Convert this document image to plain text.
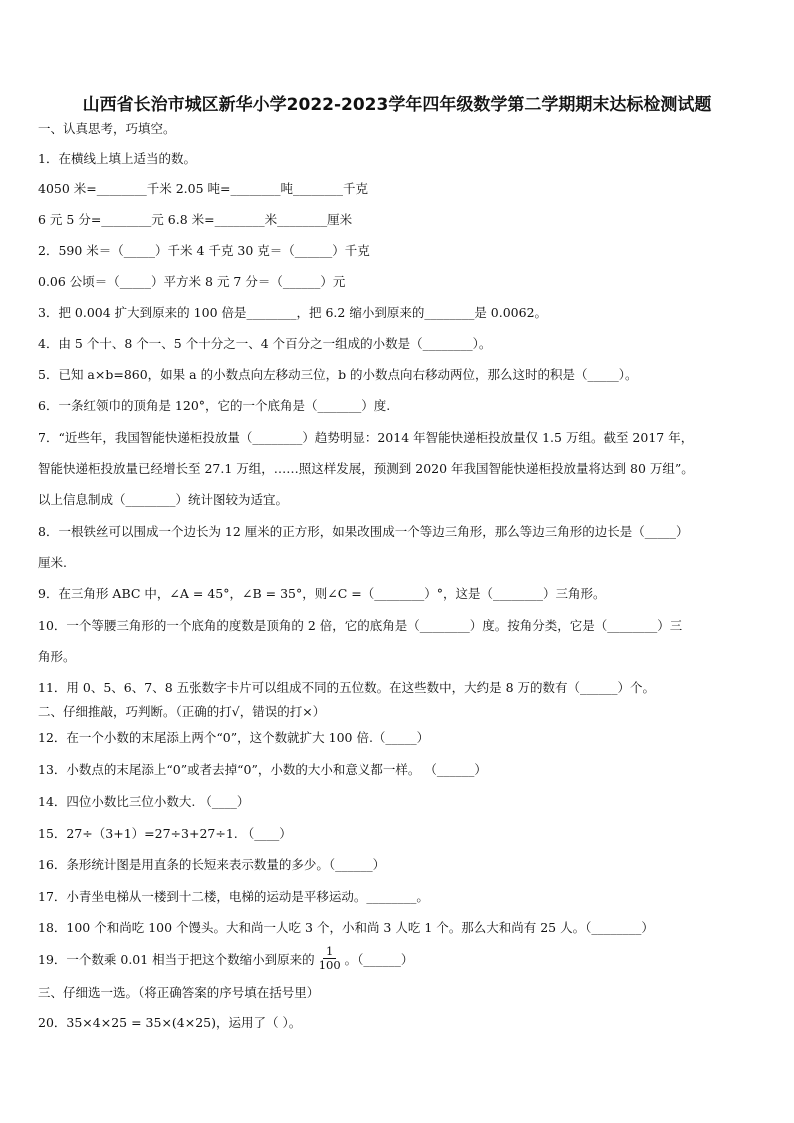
山西省长治市城区新华小学2022-2023学年四年级数学第二学期期末达标检测试题
一、认真思考，巧填空。
1．在横线上填上适当的数。
4050 米=________千米 2.05 吨=________吨________千克
6 元 5 分=________元 6.8 米=________米________厘米
2．590 米＝（_____）千米 4 千克 30 克＝（______）千克
0.06 公顷＝（_____）平方米 8 元 7 分＝（______）元
3．把 0.004 扩大到原来的 100 倍是________，把 6.2 缩小到原来的________是 0.0062。
4．由 5 个十、8 个一、5 个十分之一、4 个百分之一组成的小数是（________）。
5．已知 a×b=860，如果 a 的小数点向左移动三位，b 的小数点向右移动两位，那么这时的积是（_____）。
6．一条红领巾的顶角是 120°，它的一个底角是（_______）度.
7．“近些年，我国智能快递柜投放量（________）趋势明显：2014 年智能快递柜投放量仅 1.5 万组。截至 2017 年，
智能快递柜投放量已经增长至 27.1 万组，……照这样发展，预测到 2020 年我国智能快递柜投放量将达到 80 万组”。
以上信息制成（________）统计图较为适宜。
8．一根铁丝可以围成一个边长为 12 厘米的正方形，如果改围成一个等边三角形，那么等边三角形的边长是（_____）
厘米.
9．在三角形 ABC 中，∠A = 45°，∠B = 35°，则∠C =（________）°，这是（________）三角形。
10．一个等腰三角形的一个底角的度数是顶角的 2 倍，它的底角是（________）度。按角分类，它是（________）三
角形。
11．用 0、5、6、7、8 五张数字卡片可以组成不同的五位数。在这些数中，大约是 8 万的数有（______）个。
二、仔细推敲，巧判断。（正确的打√，错误的打×）
12．在一个小数的末尾添上两个“0”，这个数就扩大 100 倍.（_____）
13．小数点的末尾添上“0”或者去掉“0”，小数的大小和意义都一样。 （______）
14．四位小数比三位小数大. （____）
15．27÷（3+1）=27÷3+27÷1. （____）
16．条形统计图是用直条的长短来表示数量的多少。（______）
17．小青坐电梯从一楼到十二楼，电梯的运动是平移运动。________。
18．100 个和尚吃 100 个馒头。大和尚一人吃 3 个，小和尚 3 人吃 1 个。那么大和尚有 25 人。（________）
19．一个数乘 0.01 相当于把这个数缩小到原来的 $\frac{1}{100}$ 。（______）
三、仔细选一选。（将正确答案的序号填在括号里）
20．35×4×25 = 35×(4×25)，运用了（ ）。
